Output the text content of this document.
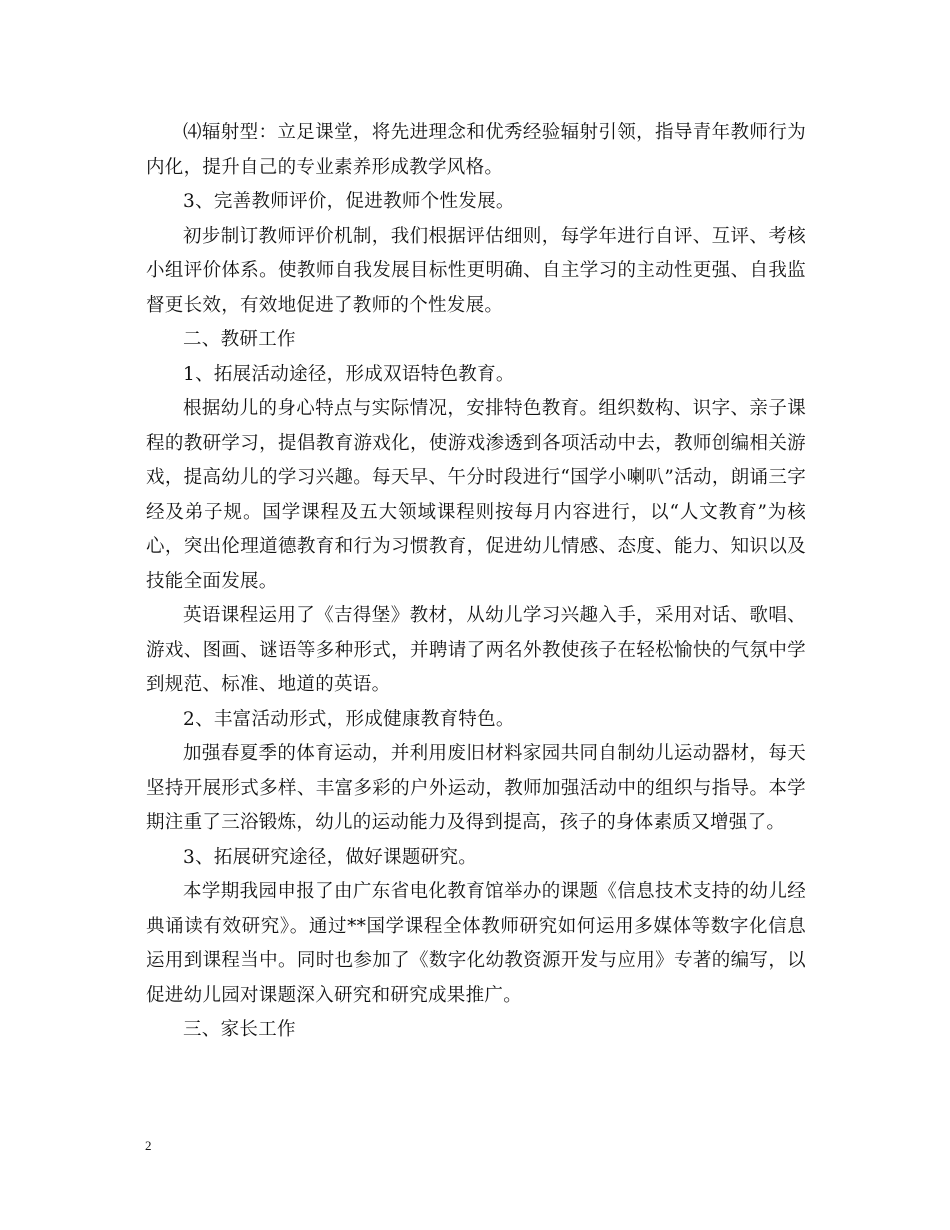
⑷辐射型：立足课堂，将先进理念和优秀经验辐射引领，指导青年教师行为内化，提升自己的专业素养形成教学风格。

3、完善教师评价，促进教师个性发展。

初步制订教师评价机制，我们根据评估细则，每学年进行自评、互评、考核小组评价体系。使教师自我发展目标性更明确、自主学习的主动性更强、自我监督更长效，有效地促进了教师的个性发展。

二、教研工作

1、拓展活动途径，形成双语特色教育。

根据幼儿的身心特点与实际情况，安排特色教育。组织数构、识字、亲子课程的教研学习，提倡教育游戏化，使游戏渗透到各项活动中去，教师创编相关游戏，提高幼儿的学习兴趣。每天早、午分时段进行“国学小喇叭”活动，朗诵三字经及弟子规。国学课程及五大领域课程则按每月内容进行，以“人文教育”为核心，突出伦理道德教育和行为习惯教育，促进幼儿情感、态度、能力、知识以及技能全面发展。

英语课程运用了《吉得堡》教材，从幼儿学习兴趣入手，采用对话、歌唱、游戏、图画、谜语等多种形式，并聘请了两名外教使孩子在轻松愉快的气氛中学到规范、标准、地道的英语。

2、丰富活动形式，形成健康教育特色。

加强春夏季的体育运动，并利用废旧材料家园共同自制幼儿运动器材，每天坚持开展形式多样、丰富多彩的户外运动，教师加强活动中的组织与指导。本学期注重了三浴锻炼，幼儿的运动能力及得到提高，孩子的身体素质又增强了。

3、拓展研究途径，做好课题研究。

本学期我园申报了由广东省电化教育馆举办的课题《信息技术支持的幼儿经典诵读有效研究》。通过**国学课程全体教师研究如何运用多媒体等数字化信息运用到课程当中。同时也参加了《数字化幼教资源开发与应用》专著的编写，以促进幼儿园对课题深入研究和研究成果推广。

三、家长工作

2
